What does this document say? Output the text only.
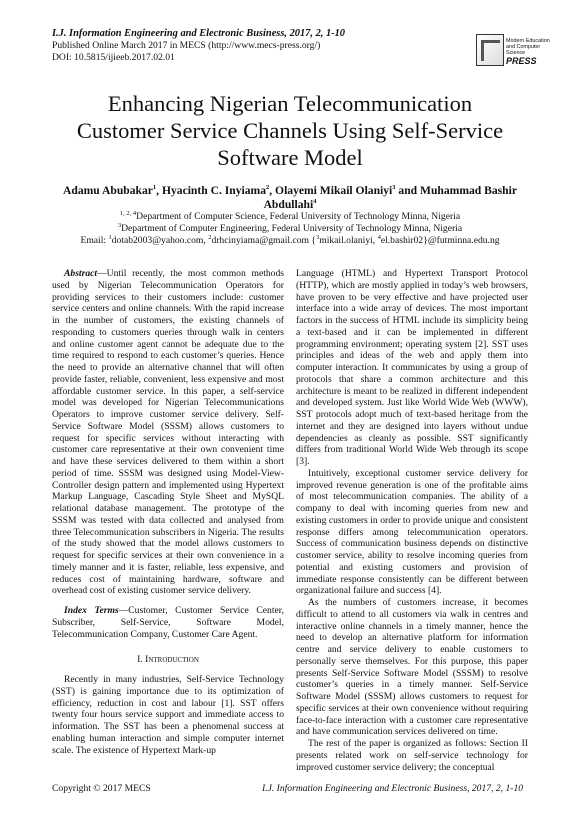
I.J. Information Engineering and Electronic Business, 2017, 2, 1-10
Published Online March 2017 in MECS (http://www.mecs-press.org/)
DOI: 10.5815/ijieeb.2017.02.01
Modern Education
and Computer Science
PRESS
Enhancing Nigerian Telecommunication
Customer Service Channels Using Self-Service
Software Model
Adamu Abubakar$^1$, Hyacinth C. Inyiama$^2$, Olayemi Mikail Olaniyi$^3$ and Muhammad Bashir
Abdullahi$^4$
$^{1, 2, 4}$Department of Computer Science, Federal University of Technology Minna, Nigeria
$^3$Department of Computer Engineering, Federal University of Technology Minna, Nigeria
Email: $^1$dotab2003@yahoo.com, $^2$drhcinyiama@gmail.com {$^3$mikail.olaniyi, $^4$el.bashir02}@futminna.edu.ng

Abstract—Until recently, the most common methods used by Nigerian Telecommunication Operators for providing services to their customers include: customer service centers and online channels. With the rapid increase in the number of customers, the existing channels of responding to customers queries through walk in centers and online customer agent cannot be adequate due to the time required to respond to each customer’s queries. Hence the need to provide an alternative channel that will often provide faster, reliable, convenient, less expensive and most affordable customer service. In this paper, a self-service model was developed for Nigerian Telecommunications Operators to improve customer service delivery. Self-Service Software Model (SSSM) allows customers to request for specific services without interacting with customer care representative at their own convenient time and have these services delivered to them within a short period of time. SSSM was designed using Model-View-Controller design pattern and implemented using Hypertext Markup Language, Cascading Style Sheet and MySQL relational database management. The prototype of the SSSM was tested with data collected and analysed from three Telecommunication subscribers in Nigeria. The results of the study showed that the model allows customers to request for specific services at their own convenience in a timely manner and it is faster, reliable, less expensive, and reduces cost of maintaining hardware, software and overhead cost of existing customer service delivery.

Index Terms—Customer, Customer Service Center, Subscriber, Self-Service, Software Model, Telecommunication Company, Customer Care Agent.

I. Introduction

Recently in many industries, Self-Service Technology (SST) is gaining importance due to its optimization of efficiency, reduction in cost and labour [1]. SST offers twenty four hours service support and immediate access to information. The SST has been a phenomenal success at enabling human interaction and simple computer internet scale. The existence of Hypertext Mark-up

Language (HTML) and Hypertext Transport Protocol (HTTP), which are mostly applied in today’s web browsers, have proven to be very effective and have projected user interface into a wide array of devices. The most important factors in the success of HTML include its simplicity being a text-based and it can be implemented in different programming environment; operating system [2]. SST uses principles and ideas of the web and apply them into computer interaction. It communicates by using a group of protocols that share a common architecture and this architecture is meant to be realized in different independent and developed system. Just like World Wide Web (WWW), SST protocols adopt much of text-based heritage from the internet and they are designed into layers without undue dependencies as cleanly as possible. SST significantly differs from traditional World Wide Web through its scope [3].

Intuitively, exceptional customer service delivery for improved revenue generation is one of the profitable aims of most telecommunication companies. The ability of a company to deal with incoming queries from new and existing customers in order to provide unique and consistent response differs among telecommunication operators. Success of communication business depends on distinctive customer service, ability to resolve incoming queries from potential and existing customers and provision of immediate response consistently can be different between organizational failure and success [4].

As the numbers of customers increase, it becomes difficult to attend to all customers via walk in centres and interactive online channels in a timely manner, hence the need to develop an alternative platform for information centre and service delivery to enable customers to personally serve themselves. For this purpose, this paper presents Self-Service Software Model (SSSM) to resolve customer’s queries in a timely manner. Self-Service Software Model (SSSM) allows customers to request for specific services at their own convenience without requiring face-to-face interaction with a customer care representative and have communication services delivered on time.

The rest of the paper is organized as follows: Section II presents related work on self-service technology for improved customer service delivery; the conceptual

Copyright © 2017 MECS	I.J. Information Engineering and Electronic Business, 2017, 2, 1-10
